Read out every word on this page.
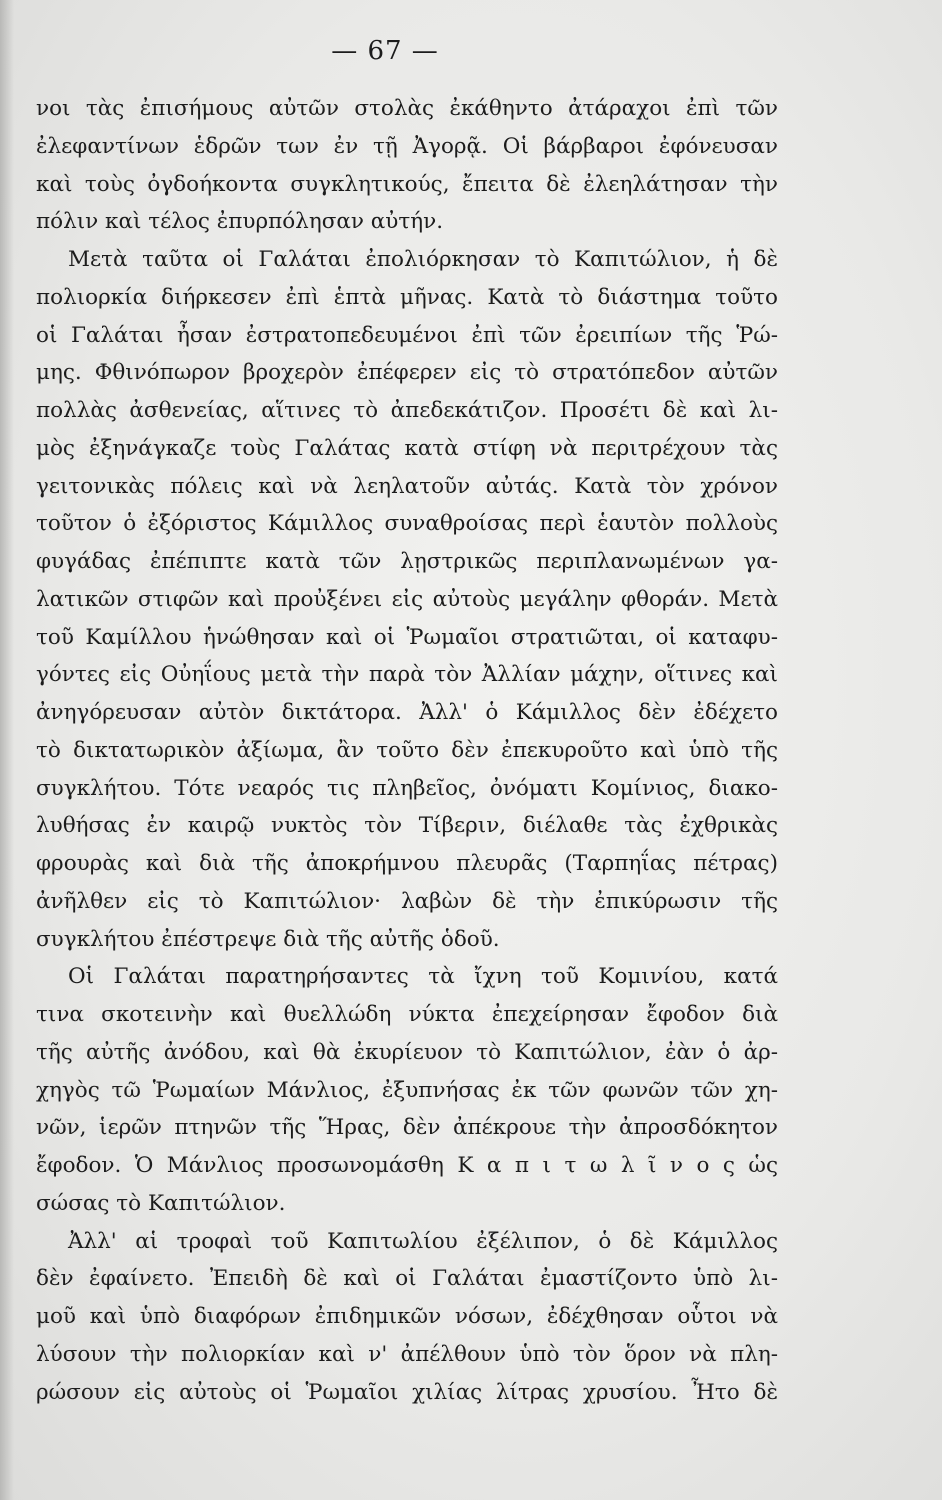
— 67 —
νοι τὰς ἐπισήμους αὐτῶν στολὰς ἐκάθηντο ἀτάραχοι ἐπὶ τῶν
ἐλεφαντίνων ἑδρῶν των ἐν τῇ Ἀγορᾷ. Οἱ βάρβαροι ἐφόνευσαν
καὶ τοὺς ὀγδοήκοντα συγκλητικούς, ἔπειτα δὲ ἐλεηλάτησαν τὴν
πόλιν καὶ τέλος ἐπυρπόλησαν αὐτήν.
Μετὰ ταῦτα οἱ Γαλάται ἐπολιόρκησαν τὸ Καπιτώλιον, ἡ δὲ
πολιορκία διήρκεσεν ἐπὶ ἑπτὰ μῆνας. Κατὰ τὸ διάστημα τοῦτο
οἱ Γαλάται ἦσαν ἐστρατοπεδευμένοι ἐπὶ τῶν ἐρειπίων τῆς Ῥώ-
μης. Φθινόπωρον βροχερὸν ἐπέφερεν εἰς τὸ στρατόπεδον αὐτῶν
πολλὰς ἀσθενείας, αἵτινες τὸ ἀπεδεκάτιζον. Προσέτι δὲ καὶ λι-
μὸς ἐξηνάγκαζε τοὺς Γαλάτας κατὰ στίφη νὰ περιτρέχουν τὰς
γειτονικὰς πόλεις καὶ νὰ λεηλατοῦν αὐτάς. Κατὰ τὸν χρόνον
τοῦτον ὁ ἐξόριστος Κάμιλλος συναθροίσας περὶ ἑαυτὸν πολλοὺς
φυγάδας ἐπέπιπτε κατὰ τῶν λῃστρικῶς περιπλανωμένων γα-
λατικῶν στιφῶν καὶ προὐξένει εἰς αὐτοὺς μεγάλην φθοράν. Μετὰ
τοῦ Καμίλλου ἡνώθησαν καὶ οἱ Ῥωμαῖοι στρατιῶται, οἱ καταφυ-
γόντες εἰς Οὐηΐους μετὰ τὴν παρὰ τὸν Ἀλλίαν μάχην, οἵτινες καὶ
ἀνηγόρευσαν αὐτὸν δικτάτορα. Ἀλλ' ὁ Κάμιλλος δὲν ἐδέχετο
τὸ δικτατωρικὸν ἀξίωμα, ἂν τοῦτο δὲν ἐπεκυροῦτο καὶ ὑπὸ τῆς
συγκλήτου. Τότε νεαρός τις πληβεῖος, ὀνόματι Κομίνιος, διακο-
λυθήσας ἐν καιρῷ νυκτὸς τὸν Τίβεριν, διέλαθε τὰς ἐχθρικὰς
φρουρὰς καὶ διὰ τῆς ἀποκρήμνου πλευρᾶς (Ταρπηΐας πέτρας)
ἀνῆλθεν εἰς τὸ Καπιτώλιον· λαβὼν δὲ τὴν ἐπικύρωσιν τῆς
συγκλήτου ἐπέστρεψε διὰ τῆς αὐτῆς ὁδοῦ.
Οἱ Γαλάται παρατηρήσαντες τὰ ἴχνη τοῦ Κομινίου, κατά
τινα σκοτεινὴν καὶ θυελλώδη νύκτα ἐπεχείρησαν ἔφοδον διὰ
τῆς αὐτῆς ἀνόδου, καὶ θὰ ἐκυρίευον τὸ Καπιτώλιον, ἐὰν ὁ ἀρ-
χηγὸς τῶ Ῥωμαίων Μάνλιος, ἐξυπνήσας ἐκ τῶν φωνῶν τῶν χη-
νῶν, ἱερῶν πτηνῶν τῆς Ἥρας, δὲν ἀπέκρουε τὴν ἀπροσδόκητον
ἔφοδον. Ὁ Μάνλιος προσωνομάσθη Κ α π ι τ ω λ ῖ ν ο ς ὡς
σώσας τὸ Καπιτώλιον.
Ἀλλ' αἱ τροφαὶ τοῦ Καπιτωλίου ἐξέλιπον, ὁ δὲ Κάμιλλος
δὲν ἐφαίνετο. Ἐπειδὴ δὲ καὶ οἱ Γαλάται ἐμαστίζοντο ὑπὸ λι-
μοῦ καὶ ὑπὸ διαφόρων ἐπιδημικῶν νόσων, ἐδέχθησαν οὗτοι νὰ
λύσουν τὴν πολιορκίαν καὶ ν' ἀπέλθουν ὑπὸ τὸν ὅρον νὰ πλη-
ρώσουν εἰς αὐτοὺς οἱ Ῥωμαῖοι χιλίας λίτρας χρυσίου. Ἦτο δὲ
